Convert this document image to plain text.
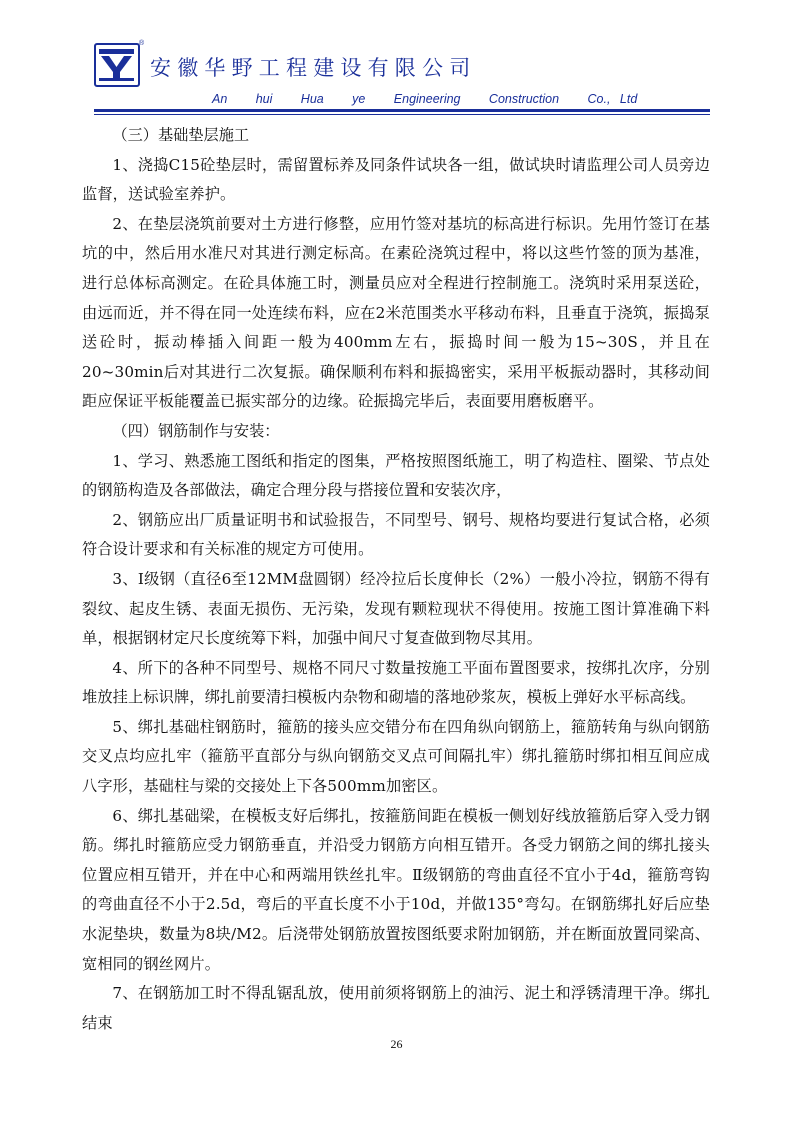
®
安徽华野工程建设有限公司
An   hui   Hua   ye   Engineering   Construction   Co., Ltd

（三）基础垫层施工

1、浇捣C15砼垫层时，需留置标养及同条件试块各一组，做试块时请监理公司人员旁边监督，送试验室养护。

2、在垫层浇筑前要对土方进行修整，应用竹签对基坑的标高进行标识。先用竹签订在基坑的中，然后用水准尺对其进行测定标高。在素砼浇筑过程中，将以这些竹签的顶为基准，进行总体标高测定。在砼具体施工时，测量员应对全程进行控制施工。浇筑时采用泵送砼，由远而近，并不得在同一处连续布料，应在2米范围类水平移动布料，且垂直于浇筑，振捣泵送砼时，振动棒插入间距一般为400mm左右，振捣时间一般为15~30S，并且在20~30min后对其进行二次复振。确保顺利布料和振捣密实，采用平板振动器时，其移动间距应保证平板能覆盖已振实部分的边缘。砼振捣完毕后，表面要用磨板磨平。

（四）钢筋制作与安装：

1、学习、熟悉施工图纸和指定的图集，严格按照图纸施工，明了构造柱、圈梁、节点处的钢筋构造及各部做法，确定合理分段与搭接位置和安装次序，

2、钢筋应出厂质量证明书和试验报告，不同型号、钢号、规格均要进行复试合格，必须符合设计要求和有关标准的规定方可使用。

3、I级钢（直径6至12MM盘圆钢）经冷拉后长度伸长（2%）一般小冷拉，钢筋不得有裂纹、起皮生锈、表面无损伤、无污染，发现有颗粒现状不得使用。按施工图计算准确下料单，根据钢材定尺长度统筹下料，加强中间尺寸复查做到物尽其用。

4、所下的各种不同型号、规格不同尺寸数量按施工平面布置图要求，按绑扎次序，分别堆放挂上标识牌，绑扎前要清扫模板内杂物和砌墙的落地砂浆灰，模板上弹好水平标高线。

5、绑扎基础柱钢筋时，箍筋的接头应交错分布在四角纵向钢筋上，箍筋转角与纵向钢筋交叉点均应扎牢（箍筋平直部分与纵向钢筋交叉点可间隔扎牢）绑扎箍筋时绑扣相互间应成八字形，基础柱与梁的交接处上下各500mm加密区。

6、绑扎基础梁，在模板支好后绑扎，按箍筋间距在模板一侧划好线放箍筋后穿入受力钢筋。绑扎时箍筋应受力钢筋垂直，并沿受力钢筋方向相互错开。各受力钢筋之间的绑扎接头位置应相互错开，并在中心和两端用铁丝扎牢。Ⅱ级钢筋的弯曲直径不宜小于4d，箍筋弯钩的弯曲直径不小于2.5d，弯后的平直长度不小于10d，并做135°弯勾。在钢筋绑扎好后应垫水泥垫块，数量为8块/M2。后浇带处钢筋放置按图纸要求附加钢筋，并在断面放置同梁高、宽相同的钢丝网片。

7、在钢筋加工时不得乱锯乱放，使用前须将钢筋上的油污、泥土和浮锈清理干净。绑扎结束

26
